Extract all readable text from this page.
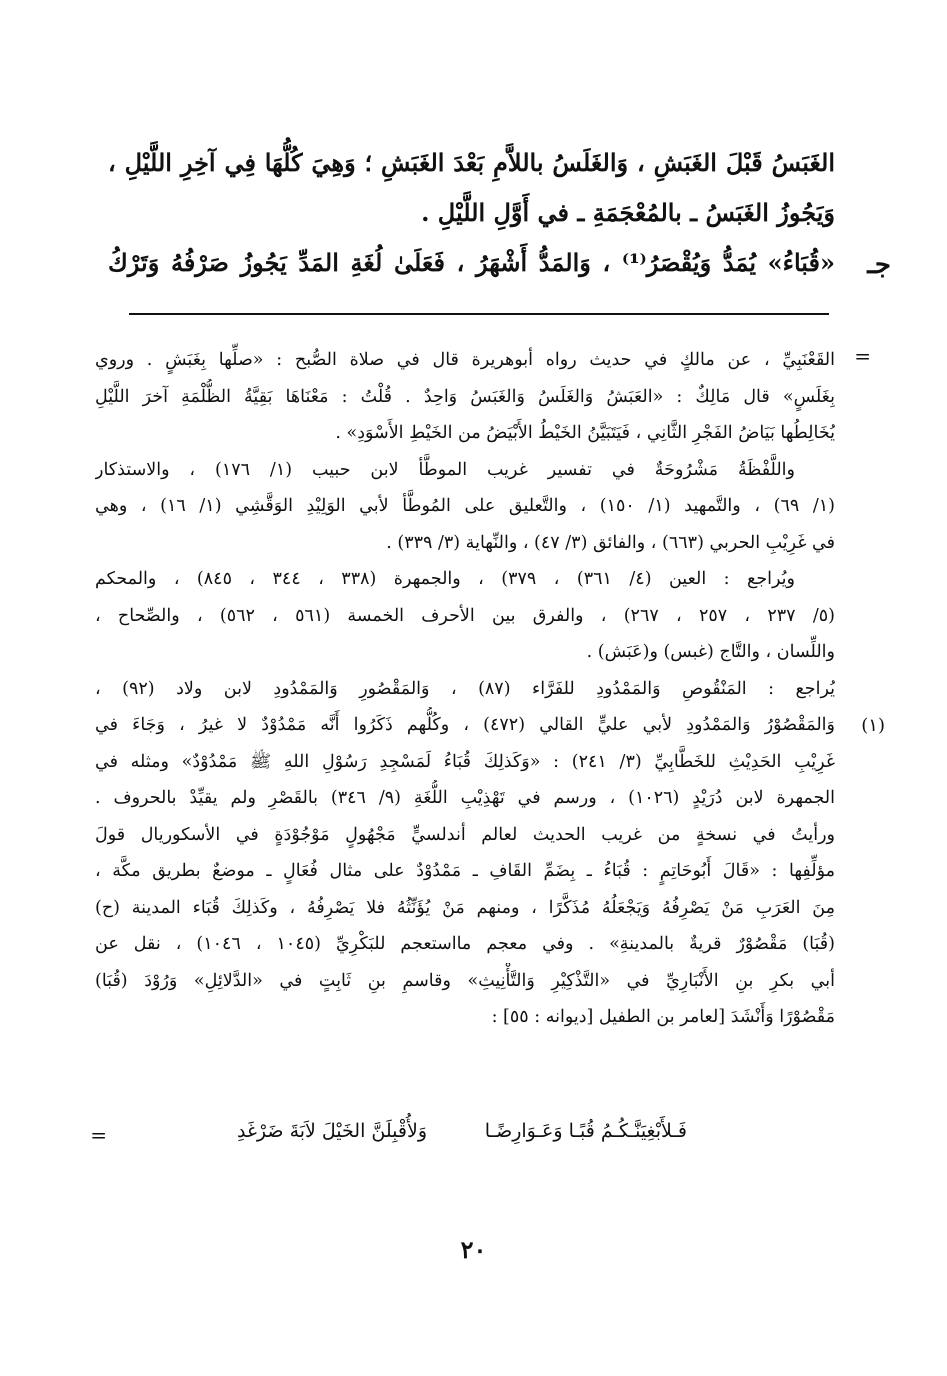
الغَبَسُ قَبْلَ الغَبَشِ ، وَالغَلَسُ باللاَّمِ بَعْدَ الغَبَشِ ؛ وَهِيَ كُلُّهَا فِي آخِرِ اللَّيْلِ ،
وَيَجُوزُ الغَبَسُ ـ بالمُعْجَمَةِ ـ في أَوَّلِ اللَّيْلِ .
«قُبَاءُ» يُمَدُّ وَيُقْصَرُ⁽¹⁾ ، وَالمَدُّ أَشْهَرُ ، فَعَلَىٰ لُغَةِ المَدِّ يَجُوزُ صَرْفُهُ وَتَرْكُ جـ
=
القَعْنَبِيِّ ، عن مالكٍ في حديث رواه أبوهريرة قال في صلاة الصُّبح : «صلِّها بِغَبَشٍ . وروي
بِغَلَسٍ» قال مَالِكٌ : «العَبَشُ وَالغَلَسُ وَالغَبَسُ وَاحِدٌ . قُلْتُ : مَعْنَاهَا بَقِيَّةُ الظُّلْمَةِ آخرَ اللَّيْلِ
يُخَالِطُها بَيَاضُ الفَجْرِ الثَّانِي ، فَيَتَبَيَّنُ الخَيْطُ الأَبْيَضُ من الخَيْطِ الأَسْوَدِ» .
واللَّفْظَةُ مَشْرُوحَةٌ في تفسير غريب الموطَّأ لابن حبيب (١/ ١٧٦) ، والاستذكار
(١/ ٦٩) ، والتَّمهيد (١/ ١٥٠) ، والتَّعليق على المُوطَّأ لأبي الوَلِيْدِ الوَقَّشِي (١/ ١٦) ، وهي
في غَرِيْبِ الحربي (٦٦٣) ، والفائق (٣/ ٤٧) ، والنِّهاية (٣/ ٣٣٩) .
ويُراجع : العين (٤/ ٣٦١) ، ٣٧٩) ، والجمهرة (٣٣٨ ، ٣٤٤ ، ٨٤٥) ، والمحكم
(٥/ ٢٣٧ ، ٢٥٧ ، ٢٦٧) ، والفرق بين الأحرف الخمسة (٥٦١ ، ٥٦٢) ، والصِّحاح ،
واللِّسان ، والتَّاج (غبس) و(عَبَش) .
يُراجع : المَنْقُوصِ وَالمَمْدُودِ للفَرَّاء (٨٧) ، وَالمَقْصُورِ وَالمَمْدُودِ لابن ولاد (٩٢) ،
وَالمَقْصُوْرُ وَالمَمْدُودِ لأبي عليٍّ القالي (٤٧٢) ، وكُلُّهم ذَكَرُوا أَنَّه مَمْدُوْدٌ لا غيرُ ، وَجَاءَ في
غَرِيْبِ الحَدِيْثِ للخَطَّابِيِّ (٣/ ٢٤١) : «وَكَذلِكَ قُبَاءُ لَمَسْجِدِ رَسُوْلِ اللهِ ﷺ مَمْدُوْدٌ» ومثله في
الجمهرة لابن دُرَيْدٍ (١٠٢٦) ، ورسم في تَهْذِيْبِ اللُّغَةِ (٩/ ٣٤٦) بالقَصْرِ ولم يقيِّدْ بالحروف .
ورأيتُ في نسخةٍ من غريب الحديث لعالم أندلسيٍّ مَجْهُولٍ مَوْجُوْدَةٍ في الأسكوريال قولَ
مؤلِّفِها : «قَالَ أَبُوحَاتِمٍ : قُبَاءُ ـ بِضَمِّ القَافِ ـ مَمْدُوْدٌ على مثال فُعَالٍ ـ موضعٌ بطريق مكَّة ،
مِنَ العَرَبِ مَنْ يَصْرِفُهُ وَيَجْعَلُهُ مُذَكَّرًا ، ومنهم مَنْ يُؤَنِّثُهُ فلا يَصْرِفُهُ ، وكَذلِكَ قُبَاء المدينة (ح)
(قُبَا) مَقْصُوْرٌ قريةٌ بالمدينةِ» . وفي معجم مااستعجم للبَكْرِيِّ (١٠٤٥ ، ١٠٤٦) ، نقل عن
أبي بكرِ بنِ الأَنْبَارِيِّ في «التَّذْكِيْرِ وَالتَّأْنِيثِ» وقاسمِ بنِ ثَابِتٍ في «الدَّلائِلِ» وَرُوْدَ (قُبَا)
مَقْصُوْرًا وَأَنْشَدَ [لعامر بن الطفيل [ديوانه : ٥٥] :
(١)
فَـلأَبْغِيَنَّـكُـمُ قُبًـا وَعَـوَارِضًـا
وَلأُقْبِلَنَّ الخَيْلَ لاَبَةَ ضَرْغَدِ
=
٢٠
